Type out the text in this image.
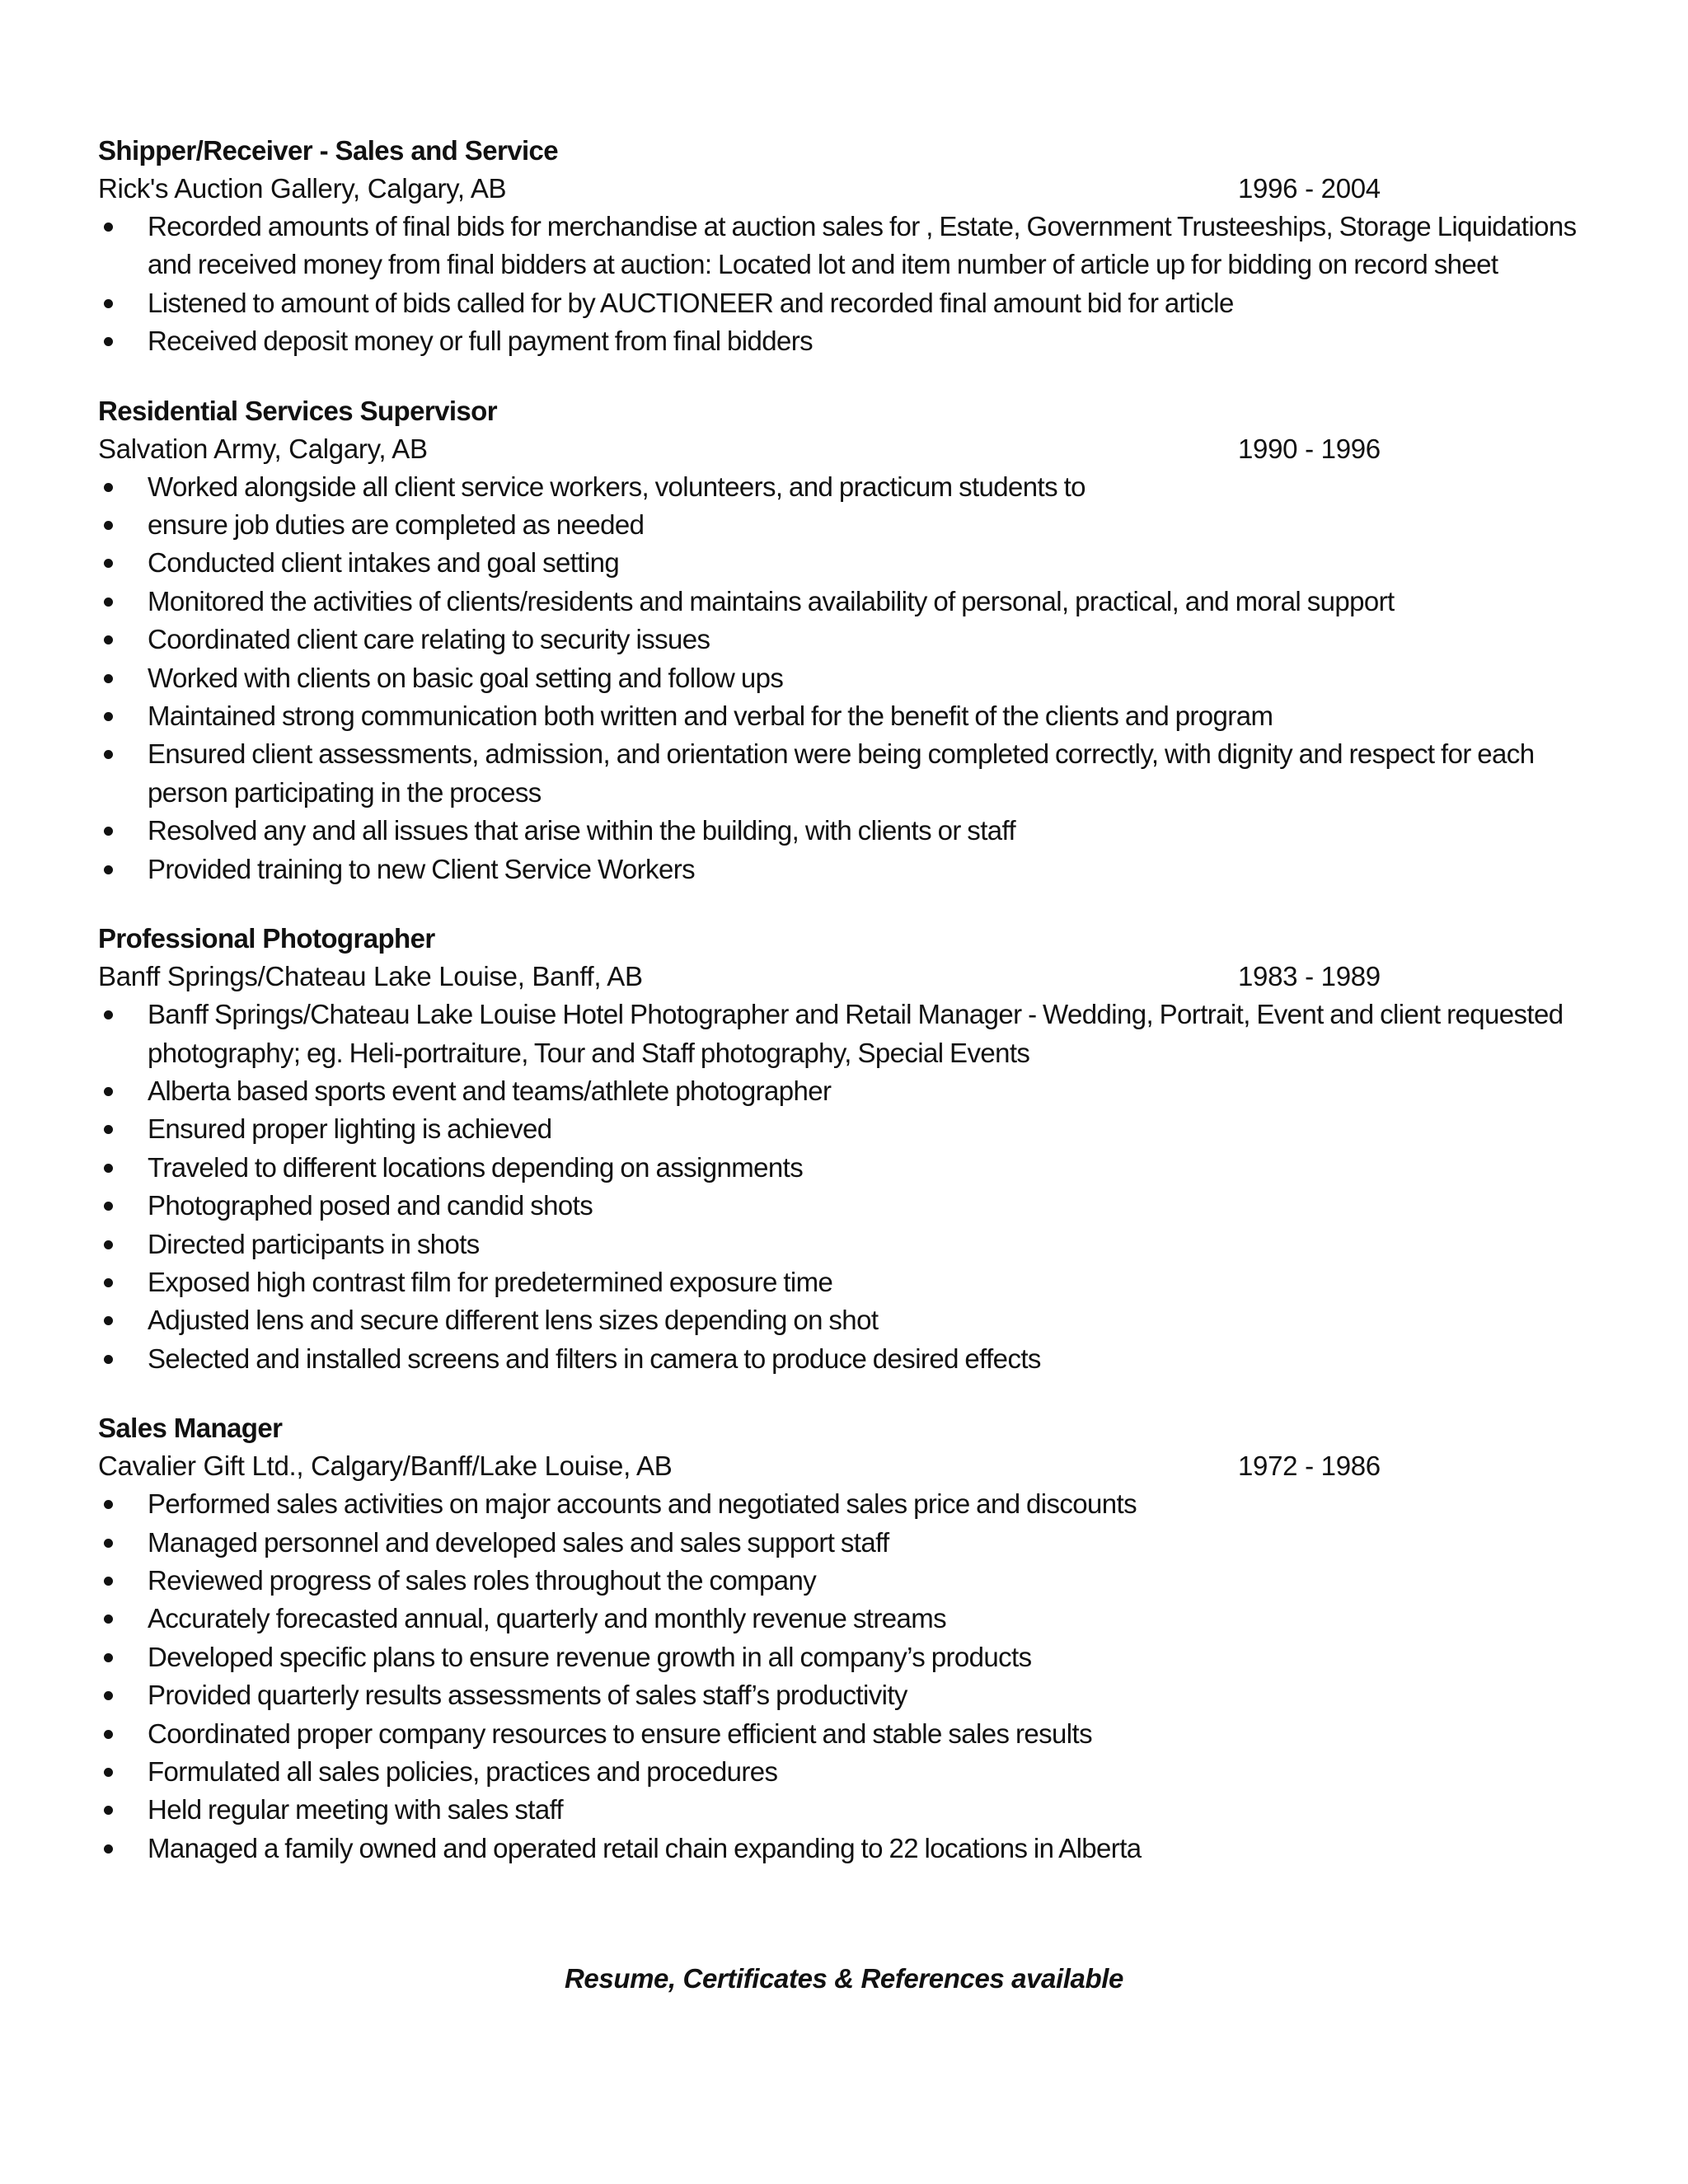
Shipper/Receiver - Sales and Service
Rick's Auction Gallery, Calgary, AB	1996 - 2004
Recorded amounts of final bids for merchandise at auction sales for , Estate, Government Trusteeships, Storage Liquidations and received money from final bidders at auction: Located lot and item number of article up for bidding on record sheet
Listened to amount of bids called for by AUCTIONEER and recorded final amount bid for article
Received deposit money or full payment from final bidders
Residential Services Supervisor
Salvation Army, Calgary, AB	1990 - 1996
Worked alongside all client service workers, volunteers, and practicum students to
ensure job duties are completed as needed
Conducted client intakes and goal setting
Monitored the activities of clients/residents and maintains availability of personal, practical, and moral support
Coordinated client care relating to security issues
Worked with clients on basic goal setting and follow ups
Maintained strong communication both written and verbal for the benefit of the clients and program
Ensured client assessments, admission, and orientation were being completed correctly, with dignity and respect for each person participating in the process
Resolved any and all issues that arise within the building, with clients or staff
Provided training to new Client Service Workers
Professional Photographer
Banff Springs/Chateau Lake Louise, Banff, AB	1983 - 1989
Banff Springs/Chateau Lake Louise Hotel Photographer and Retail Manager - Wedding, Portrait, Event and client requested photography; eg. Heli-portraiture, Tour and Staff photography, Special Events
Alberta based sports event and teams/athlete photographer
Ensured proper lighting is achieved
Traveled to different locations depending on assignments
Photographed posed and candid shots
Directed participants in shots
Exposed high contrast film for predetermined exposure time
Adjusted lens and secure different lens sizes depending on shot
Selected and installed screens and filters in camera to produce desired effects
Sales Manager
Cavalier Gift Ltd., Calgary/Banff/Lake Louise, AB	1972 - 1986
Performed sales activities on major accounts and negotiated sales price and discounts
Managed personnel and developed sales and sales support staff
Reviewed progress of sales roles throughout the company
Accurately forecasted annual, quarterly and monthly revenue streams
Developed specific plans to ensure revenue growth in all company’s products
Provided quarterly results assessments of sales staff’s productivity
Coordinated proper company resources to ensure efficient and stable sales results
Formulated all sales policies, practices and procedures
Held regular meeting with sales staff
Managed a family owned and operated retail chain expanding to 22 locations in Alberta
Resume, Certificates & References available
